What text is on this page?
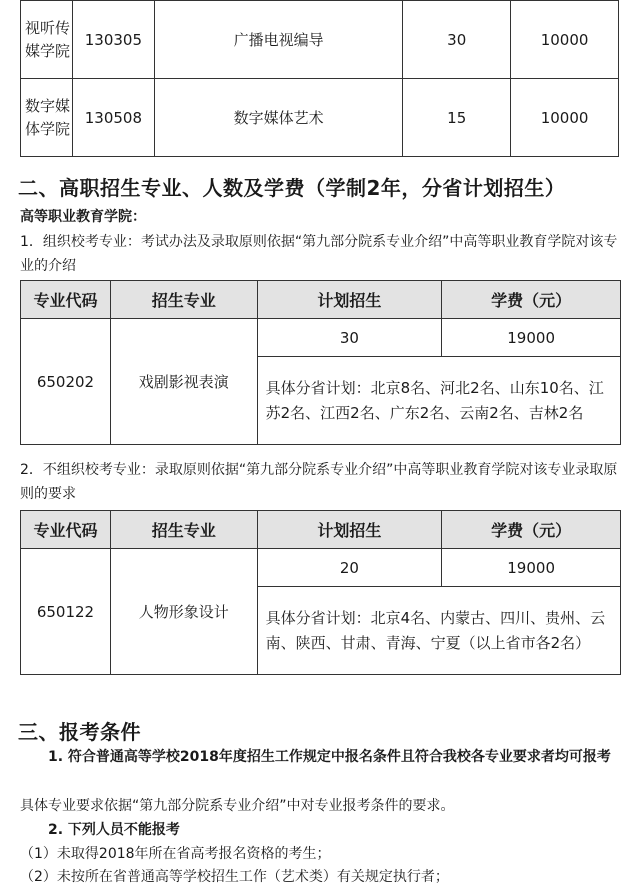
视听传媒学院	130305	广播电视编导	30	10000
数字媒体学院	130508	数字媒体艺术	15	10000
二、高职招生专业、人数及学费（学制2年，分省计划招生）
高等职业教育学院：
1．组织校考专业：考试办法及录取原则依据“第九部分院系专业介绍”中高等职业教育学院对该专业的介绍
专业代码	招生专业	计划招生	学费（元）
650202	戏剧影视表演	30	19000
		具体分省计划：北京8名、河北2名、山东10名、江苏2名、江西2名、广东2名、云南2名、吉林2名	
2．不组织校考专业：录取原则依据“第九部分院系专业介绍”中高等职业教育学院对该专业录取原则的要求
专业代码	招生专业	计划招生	学费（元）
650122	人物形象设计	20	19000
		具体分省计划：北京4名、内蒙古、四川、贵州、云南、陕西、甘肃、青海、宁夏（以上省市各2名）	
三、报考条件
1. 符合普通高等学校2018年度招生工作规定中报名条件且符合我校各专业要求者均可报考
具体专业要求依据“第九部分院系专业介绍”中对专业报考条件的要求。
2. 下列人员不能报考
（1）未取得2018年所在省高考报名资格的考生；
（2）未按所在省普通高等学校招生工作（艺术类）有关规定执行者；
